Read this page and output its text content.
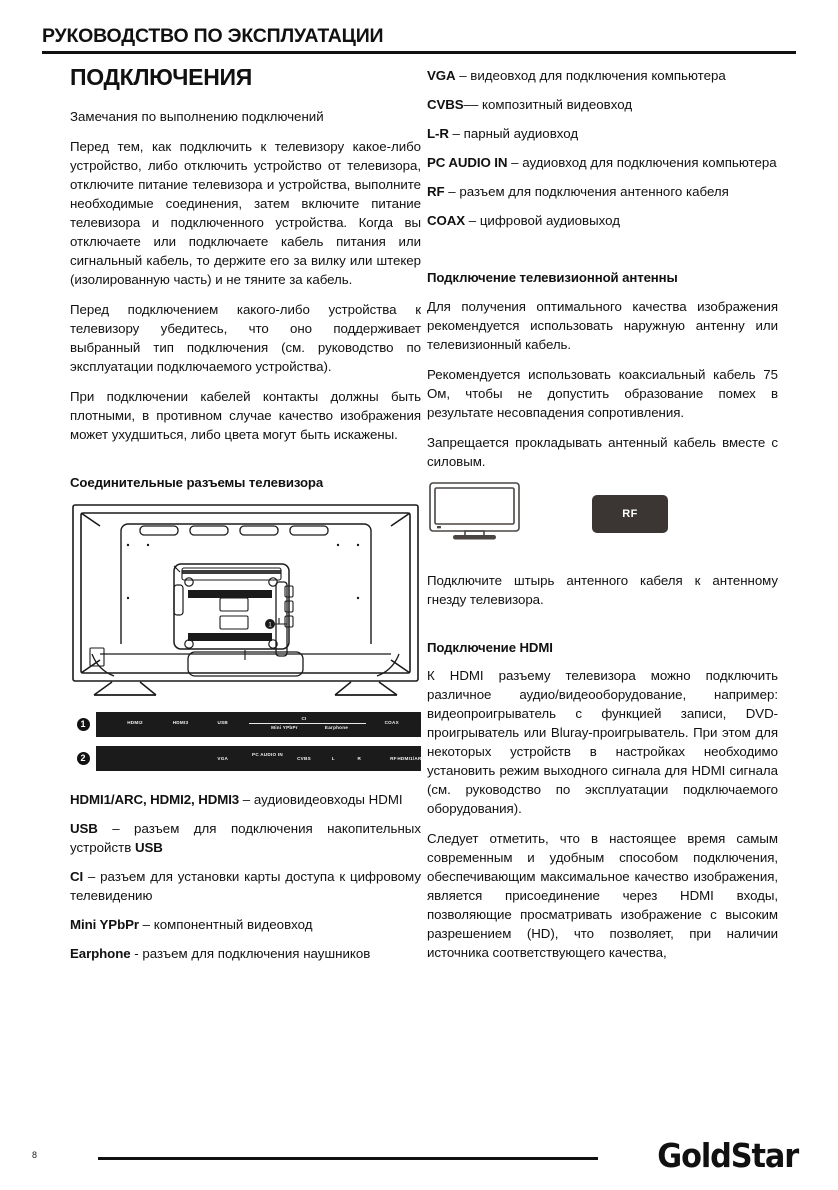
РУКОВОДСТВО ПО ЭКСПЛУАТАЦИИ
ПОДКЛЮЧЕНИЯ

Замечания по выполнению подключений

Перед тем, как подключить к телевизору какое-либо устройство, либо отключить устройство от телевизора, отключите питание телевизора и устройства, выполните необходимые соединения, затем включите питание телевизора и подключенного устройства. Когда вы отключаете или подключаете кабель питания или сигнальный кабель, то держите его за вилку или штекер (изолированную часть) и не тяните за кабель.

Перед подключением какого-либо устройства к телевизору убедитесь, что оно поддерживает выбранный тип подключения (см. руководство по эксплуатации подключаемого устройства).

При подключении кабелей контакты должны быть плотными, в противном случае качество изображения может ухудшиться, либо цвета могут быть искажены.

Соединительные разъемы телевизора
1
1	HDMI2	HDMI3	USB
CI
Mini YPbPr	Earphone
COAX
2	VGA
PC AUDIO IN
CVBS	L	R	RF HDMI1/ARC
HDMI1/ARC, HDMI2, HDMI3 – аудиовидеовходы HDMI
USB – разъем для подключения накопительных устройств USB
CI – разъем для установки карты доступа к цифровому телевидению
Mini YPbPr – компонентный видеовход
Earphone - разъем для подключения наушников
VGA – видеовход для подключения компьютера
CVBS–– композитный видеовход
L-R – парный аудиовход
PC AUDIO IN – аудиовход для подключения компьютера
RF – разъем для подключения антенного кабеля
COAX – цифровой аудиовыход
Подключение телевизионной антенны

Для получения оптимального качества изображения рекомендуется использовать наружную антенну или телевизионный кабель.

Рекомендуется использовать коаксиальный кабель 75 Ом, чтобы не допустить образование помех в результате несовпадения сопротивления.

Запрещается прокладывать антенный кабель вместе с силовым.

RF

Подключите штырь антенного кабеля к антенному гнезду телевизора.

Подключение HDMI

К HDMI разъему телевизора можно подключить различное аудио/видеооборудование, например: видеопроигрыватель с функцией записи, DVD-проигрыватель или Bluray-проигрыватель. При этом для некоторых устройств в настройках необходимо установить режим выходного сигнала для HDMI сигнала (см. руководство по эксплуатации подключаемого оборудования).

Следует отметить, что в настоящее время самым современным и удобным способом подключения, обеспечивающим максимальное качество изображения, является присоединение через HDMI входы, позволяющие просматривать изображение с высоким разрешением (HD), что позволяет, при наличии источника соответствующего качества,

8	GoldStar
